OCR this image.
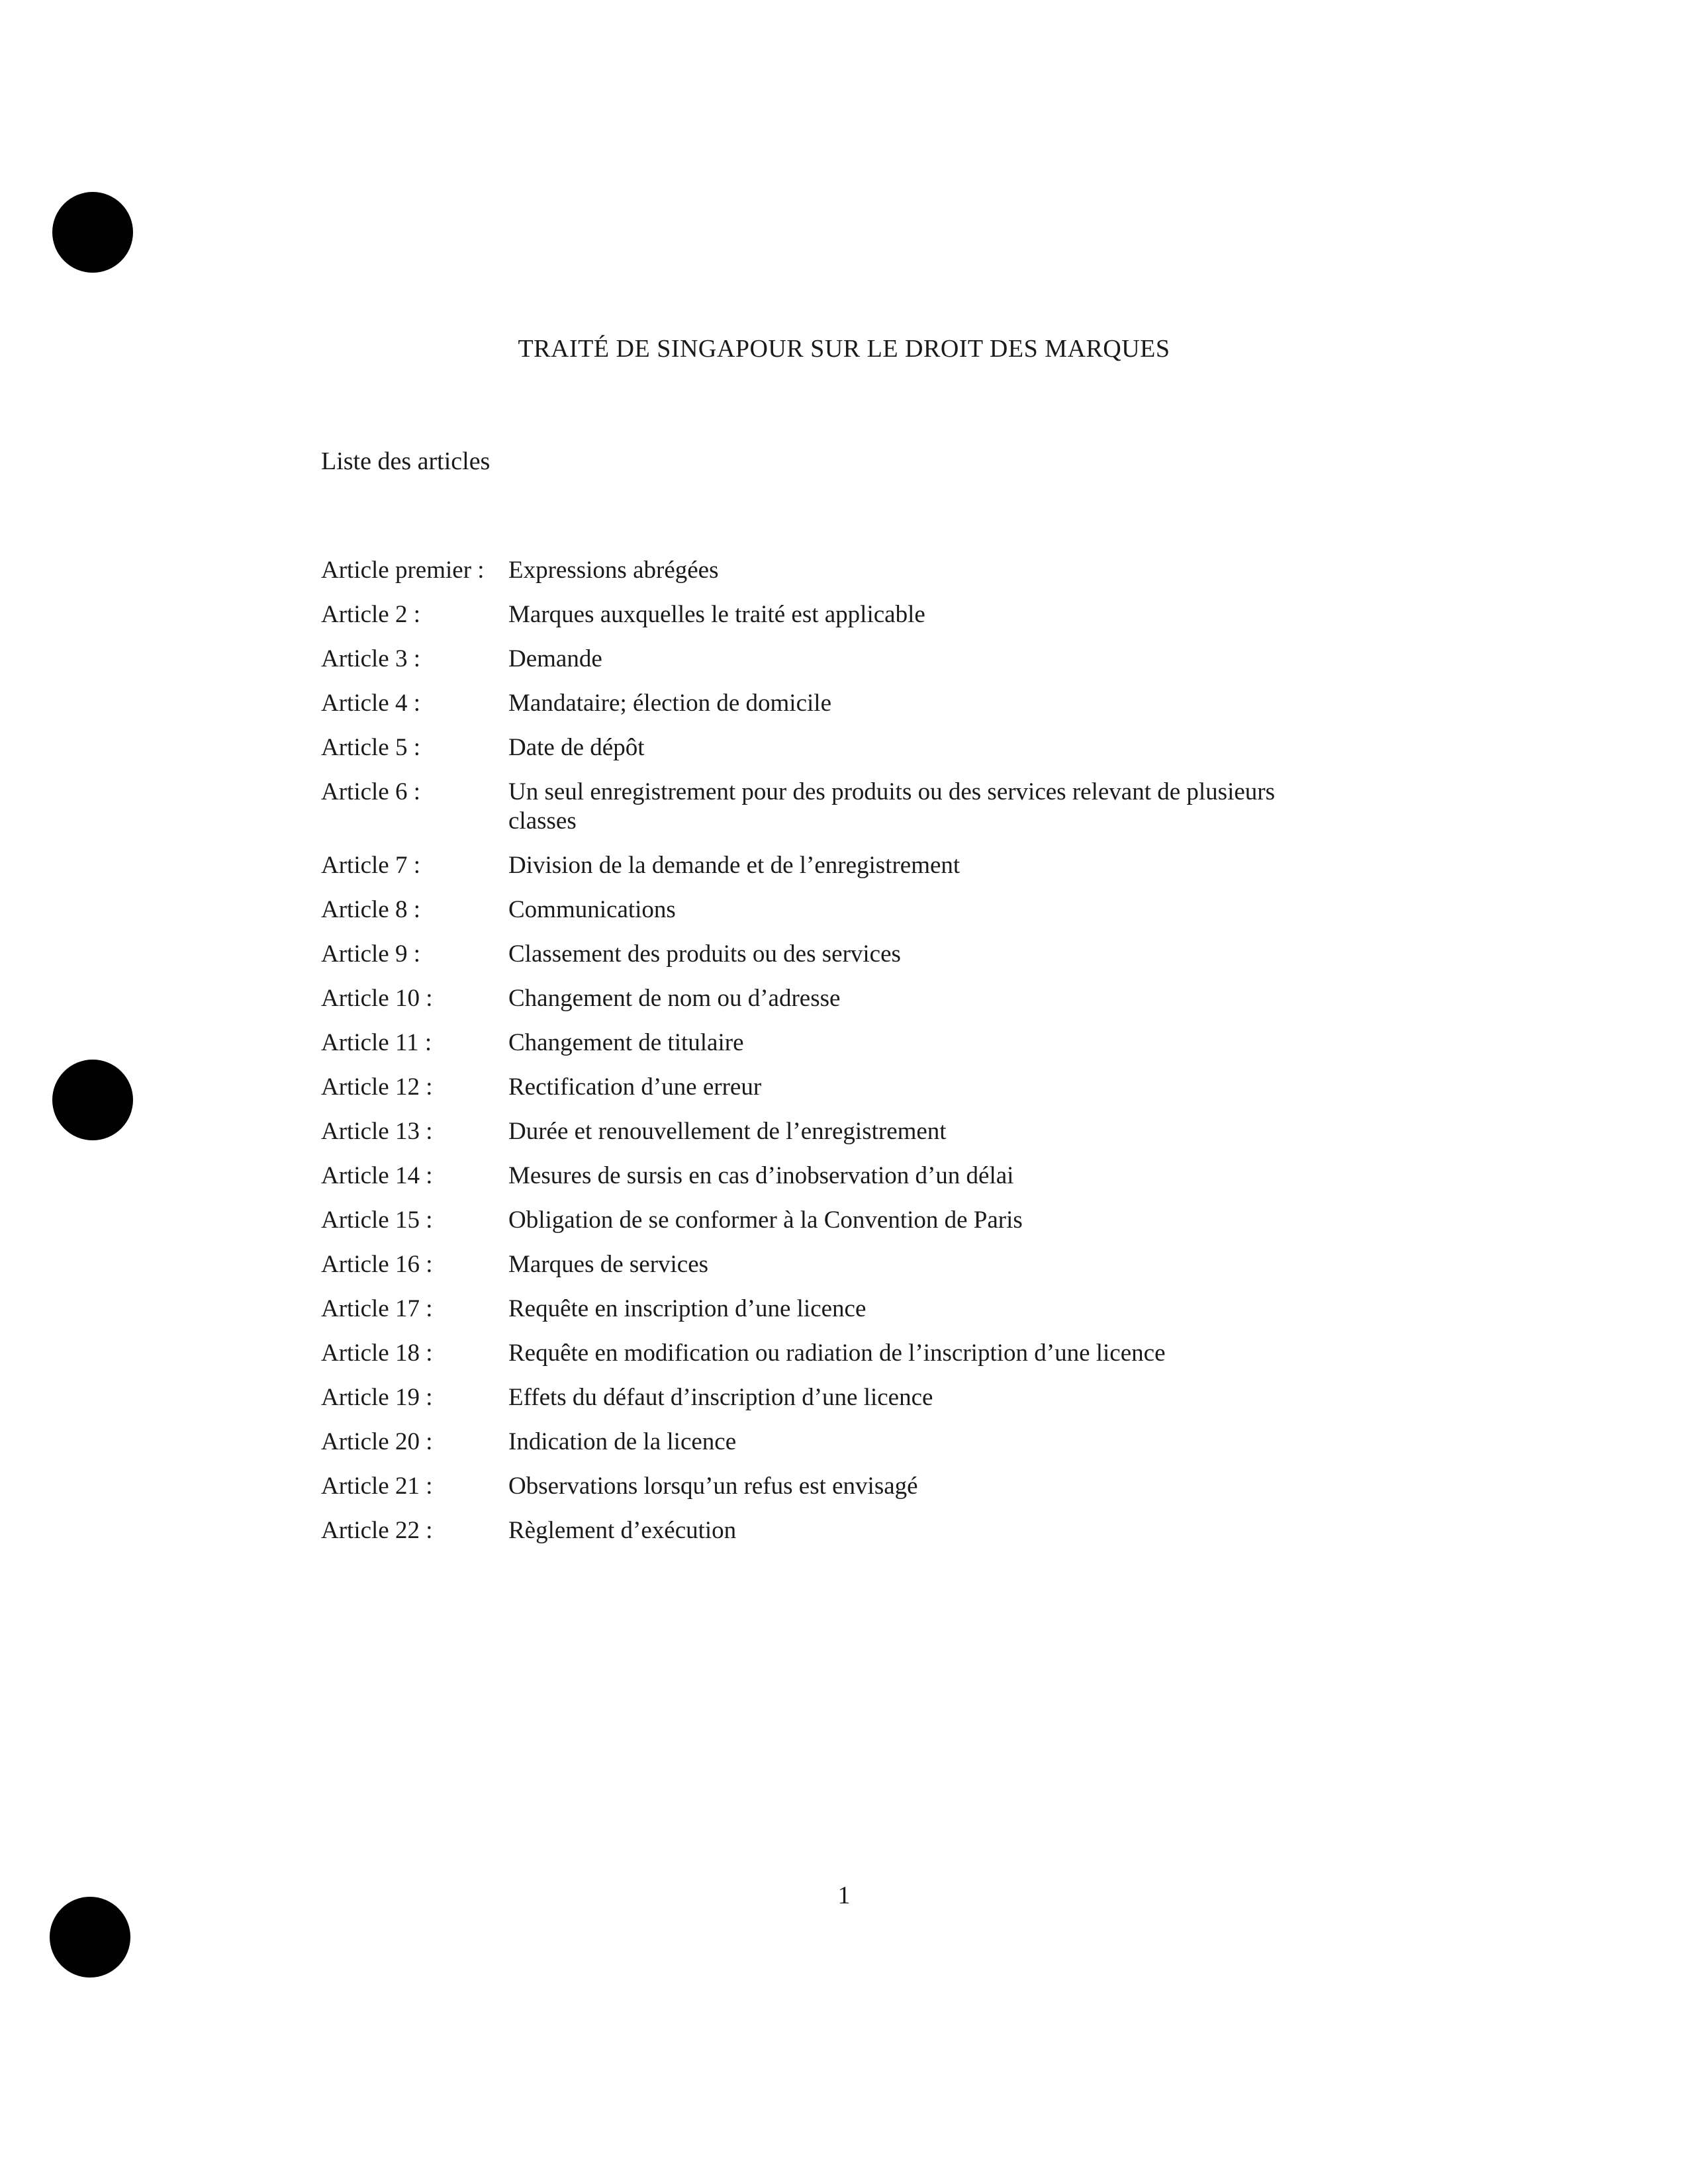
TRAITÉ DE SINGAPOUR SUR LE DROIT DES MARQUES
Liste des articles
Article premier : Expressions abrégées
Article 2 :	Marques auxquelles le traité est applicable
Article 3 :	Demande
Article 4 :	Mandataire; élection de domicile
Article 5 :	Date de dépôt
Article 6 :	Un seul enregistrement pour des produits ou des services relevant de plusieurs classes
Article 7 :	Division de la demande et de l’enregistrement
Article 8 :	Communications
Article 9 :	Classement des produits ou des services
Article 10 :	Changement de nom ou d’adresse
Article 11 :	Changement de titulaire
Article 12 :	Rectification d’une erreur
Article 13 :	Durée et renouvellement de l’enregistrement
Article 14 :	Mesures de sursis en cas d’inobservation d’un délai
Article 15 :	Obligation de se conformer à la Convention de Paris
Article 16 :	Marques de services
Article 17 :	Requête en inscription d’une licence
Article 18 :	Requête en modification ou radiation de l’inscription d’une licence
Article 19 :	Effets du défaut d’inscription d’une licence
Article 20 :	Indication de la licence
Article 21 :	Observations lorsqu’un refus est envisagé
Article 22 :	Règlement d’exécution
1
